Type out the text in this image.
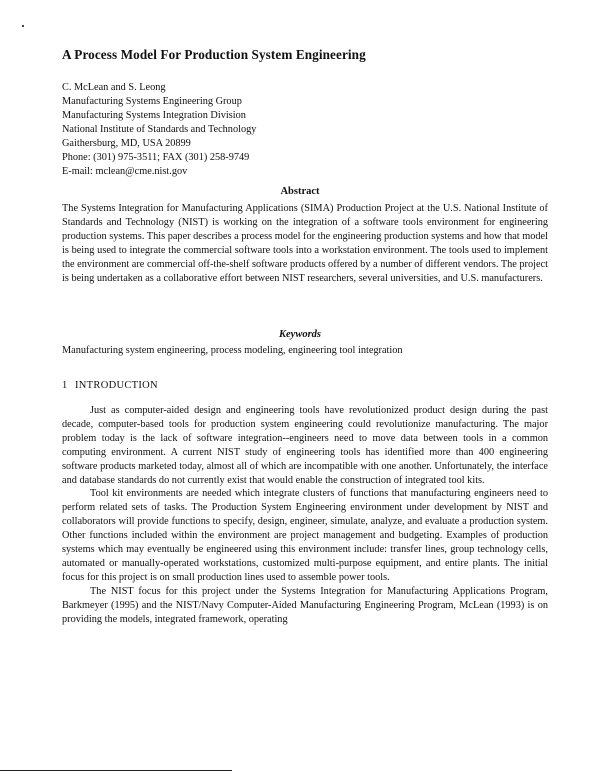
A Process Model For Production System Engineering
C. McLean and S. Leong
Manufacturing Systems Engineering Group
Manufacturing Systems Integration Division
National Institute of Standards and Technology
Gaithersburg, MD, USA 20899
Phone: (301) 975-3511; FAX (301) 258-9749
E-mail: mclean@cme.nist.gov
Abstract
The Systems Integration for Manufacturing Applications (SIMA) Production Project at the U.S. National Institute of Standards and Technology (NIST) is working on the integration of a software tools environment for engineering production systems. This paper describes a process model for the engineering production systems and how that model is being used to integrate the commercial software tools into a workstation environment. The tools used to implement the environment are commercial off-the-shelf software products offered by a number of different vendors. The project is being undertaken as a collaborative effort between NIST researchers, several universities, and U.S. manufacturers.
Keywords
Manufacturing system engineering, process modeling, engineering tool integration
1 INTRODUCTION

Just as computer-aided design and engineering tools have revolutionized product design during the past decade, computer-based tools for production system engineering could revolutionize manufacturing. The major problem today is the lack of software integration--engineers need to move data between tools in a common computing environment. A current NIST study of engineering tools has identified more than 400 engineering software products marketed today, almost all of which are incompatible with one another. Unfortunately, the interface and database standards do not currently exist that would enable the construction of integrated tool kits.

Tool kit environments are needed which integrate clusters of functions that manufacturing engineers need to perform related sets of tasks. The Production System Engineering environment under development by NIST and collaborators will provide functions to specify, design, engineer, simulate, analyze, and evaluate a production system. Other functions included within the environment are project management and budgeting. Examples of production systems which may eventually be engineered using this environment include: transfer lines, group technology cells, automated or manually-operated workstations, customized multi-purpose equipment, and entire plants. The initial focus for this project is on small production lines used to assemble power tools.

The NIST focus for this project under the Systems Integration for Manufacturing Applications Program, Barkmeyer (1995) and the NIST/Navy Computer-Aided Manufacturing Engineering Program, McLean (1993) is on providing the models, integrated framework, operating
